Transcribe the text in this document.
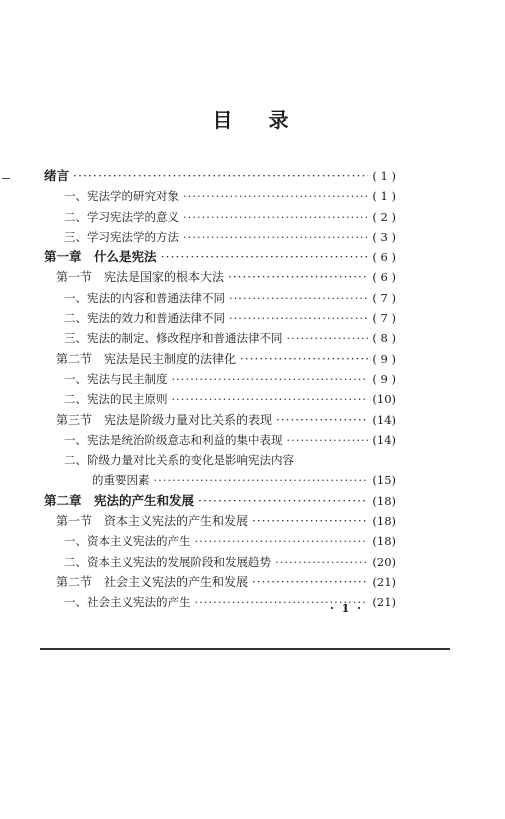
目 录
绪言 ·····	( 1 )
一、宪法学的研究对象 ·····	( 1 )
二、学习宪法学的意义 ·····	( 2 )
三、学习宪法学的方法 ·····	( 3 )
第一章　什么是宪法 ·····	( 6 )
第一节　宪法是国家的根本大法 ·····	( 6 )
一、宪法的内容和普通法律不同 ·····	( 7 )
二、宪法的效力和普通法律不同 ·····	( 7 )
三、宪法的制定、修改程序和普通法律不同 ·····	( 8 )
第二节　宪法是民主制度的法律化 ·····	( 9 )
一、宪法与民主制度 ·····	( 9 )
二、宪法的民主原则 ·····	(10)
第三节　宪法是阶级力量对比关系的表现 ·····	(14)
一、宪法是统治阶级意志和利益的集中表现 ·····	(14)
二、阶级力量对比关系的变化是影响宪法内容
的重要因素 ·····	(15)
第二章　宪法的产生和发展 ·····	(18)
第一节　资本主义宪法的产生和发展 ·····	(18)
一、资本主义宪法的产生 ·····	(18)
二、资本主义宪法的发展阶段和发展趋势 ·····	(20)
第二节　社会主义宪法的产生和发展 ·····	(21)
一、社会主义宪法的产生 ·····	(21)
· 1 ·
